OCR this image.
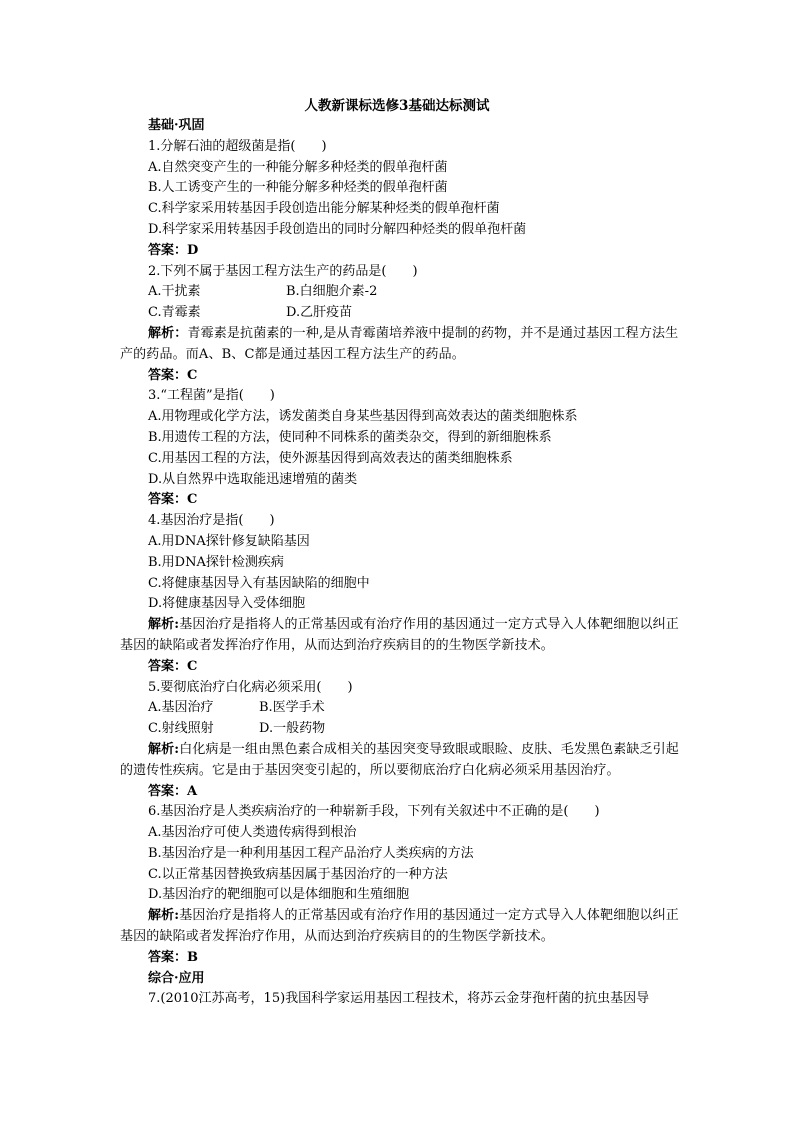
人教新课标选修3基础达标测试
基础·巩固
1.分解石油的超级菌是指(　　)
A.自然突变产生的一种能分解多种烃类的假单孢杆菌
B.人工诱变产生的一种能分解多种烃类的假单孢杆菌
C.科学家采用转基因手段创造出能分解某种烃类的假单孢杆菌
D.科学家采用转基因手段创造出的同时分解四种烃类的假单孢杆菌
答案：D
2.下列不属于基因工程方法生产的药品是(　　)
A.干扰素	B.白细胞介素-2
C.青霉素	D.乙肝疫苗
解析：青霉素是抗菌素的一种,是从青霉菌培养液中提制的药物，并不是通过基因工程方法生产的药品。而A、B、C都是通过基因工程方法生产的药品。
答案：C
3.“工程菌”是指(　　)
A.用物理或化学方法，诱发菌类自身某些基因得到高效表达的菌类细胞株系
B.用遗传工程的方法，使同种不同株系的菌类杂交，得到的新细胞株系
C.用基因工程的方法，使外源基因得到高效表达的菌类细胞株系
D.从自然界中选取能迅速增殖的菌类
答案：C
4.基因治疗是指(　　)
A.用DNA探针修复缺陷基因
B.用DNA探针检测疾病
C.将健康基因导入有基因缺陷的细胞中
D.将健康基因导入受体细胞
解析:基因治疗是指将人的正常基因或有治疗作用的基因通过一定方式导入人体靶细胞以纠正基因的缺陷或者发挥治疗作用，从而达到治疗疾病目的的生物医学新技术。
答案：C
5.要彻底治疗白化病必须采用(　　)
A.基因治疗	B.医学手术
C.射线照射	D.一般药物
解析:白化病是一组由黑色素合成相关的基因突变导致眼或眼睑、皮肤、毛发黑色素缺乏引起的遗传性疾病。它是由于基因突变引起的，所以要彻底治疗白化病必须采用基因治疗。
答案：A
6.基因治疗是人类疾病治疗的一种崭新手段，下列有关叙述中不正确的是(　　)
A.基因治疗可使人类遗传病得到根治
B.基因治疗是一种利用基因工程产品治疗人类疾病的方法
C.以正常基因替换致病基因属于基因治疗的一种方法
D.基因治疗的靶细胞可以是体细胞和生殖细胞
解析:基因治疗是指将人的正常基因或有治疗作用的基因通过一定方式导入人体靶细胞以纠正基因的缺陷或者发挥治疗作用，从而达到治疗疾病目的的生物医学新技术。
答案：B
综合·应用
7.(2010江苏高考，15)我国科学家运用基因工程技术，将苏云金芽孢杆菌的抗虫基因导
